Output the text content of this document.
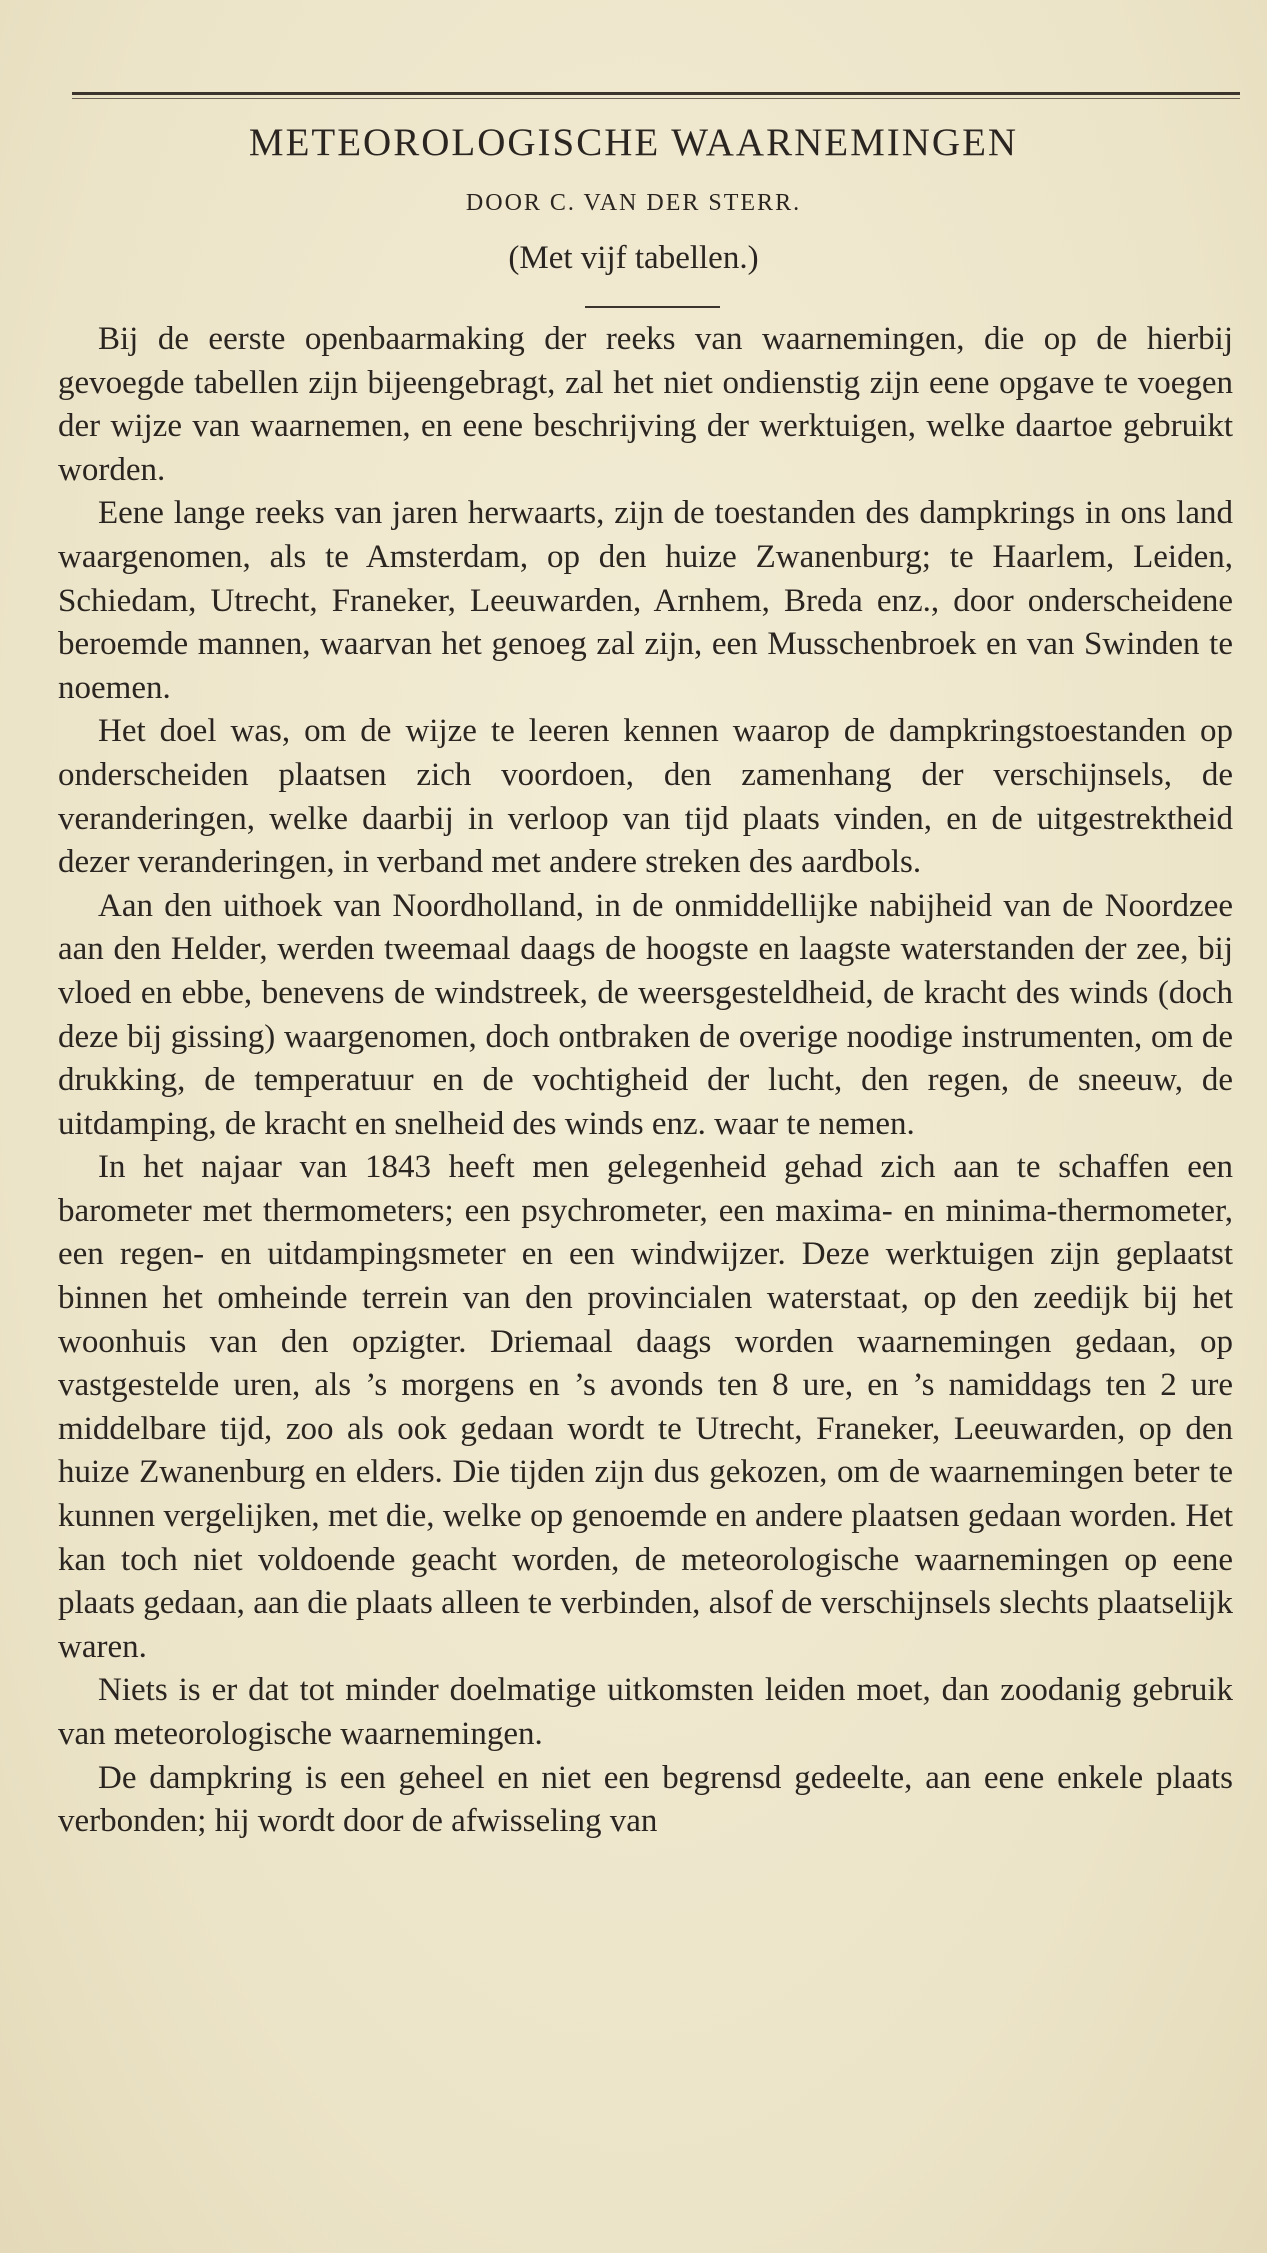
METEOROLOGISCHE WAARNEMINGEN
DOOR C. VAN DER STERR.
(Met vijf tabellen.)

Bij de eerste openbaarmaking der reeks van waarnemingen, die op de hierbij gevoegde tabellen zijn bijeengebragt, zal het niet ondienstig zijn eene opgave te voegen der wijze van waarnemen, en eene beschrijving der werktuigen, welke daartoe gebruikt worden.

Eene lange reeks van jaren herwaarts, zijn de toestanden des dampkrings in ons land waargenomen, als te Amsterdam, op den huize Zwanenburg; te Haarlem, Leiden, Schiedam, Utrecht, Franeker, Leeuwarden, Arnhem, Breda enz., door onderscheidene beroemde mannen, waarvan het genoeg zal zijn, een Musschenbroek en van Swinden te noemen.

Het doel was, om de wijze te leeren kennen waarop de dampkringstoestanden op onderscheiden plaatsen zich voordoen, den zamenhang der verschijnsels, de veranderingen, welke daarbij in verloop van tijd plaats vinden, en de uitgestrektheid dezer veranderingen, in verband met andere streken des aardbols.

Aan den uithoek van Noordholland, in de onmiddellijke nabijheid van de Noordzee aan den Helder, werden tweemaal daags de hoogste en laagste waterstanden der zee, bij vloed en ebbe, benevens de windstreek, de weersgesteldheid, de kracht des winds (doch deze bij gissing) waargenomen, doch ontbraken de overige noodige instrumenten, om de drukking, de temperatuur en de vochtigheid der lucht, den regen, de sneeuw, de uitdamping, de kracht en snelheid des winds enz. waar te nemen.

In het najaar van 1843 heeft men gelegenheid gehad zich aan te schaffen een barometer met thermometers; een psychrometer, een maxima- en minima-thermometer, een regen- en uitdampingsmeter en een windwijzer. Deze werktuigen zijn geplaatst binnen het omheinde terrein van den provincialen waterstaat, op den zeedijk bij het woonhuis van den opzigter. Driemaal daags worden waarnemingen gedaan, op vastgestelde uren, als ’s morgens en ’s avonds ten 8 ure, en ’s namiddags ten 2 ure middelbare tijd, zoo als ook gedaan wordt te Utrecht, Franeker, Leeuwarden, op den huize Zwanenburg en elders. Die tijden zijn dus gekozen, om de waarnemingen beter te kunnen vergelijken, met die, welke op genoemde en andere plaatsen gedaan worden. Het kan toch niet voldoende geacht worden, de meteorologische waarnemingen op eene plaats gedaan, aan die plaats alleen te verbinden, alsof de verschijnsels slechts plaatselijk waren.

Niets is er dat tot minder doelmatige uitkomsten leiden moet, dan zoodanig gebruik van meteorologische waarnemingen.

De dampkring is een geheel en niet een begrensd gedeelte, aan eene enkele plaats verbonden; hij wordt door de afwisseling van
